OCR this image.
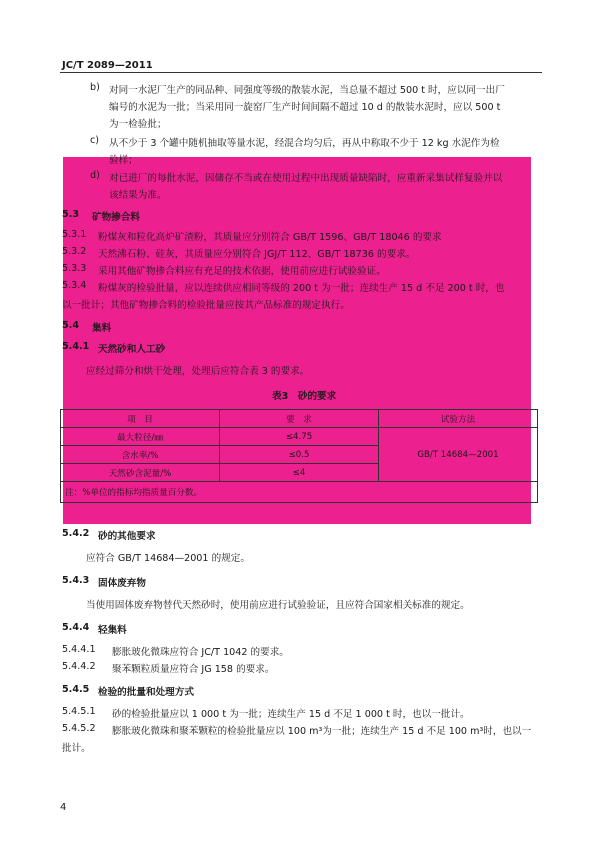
JC/T 2089—2011
b) 对同一水泥厂生产的同品种、同强度等级的散装水泥，当总量不超过 500 t 时，应以同一出厂
编号的水泥为一批；当采用同一旋窑厂生产时间间隔不超过 10 d 的散装水泥时，应以 500 t
为一检验批；
c) 从不少于 3 个罐中随机抽取等量水泥，经混合均匀后，再从中称取不少于 12 kg 水泥作为检
验样；
d) 对已进厂的每批水泥，因储存不当或在使用过程中出现质量缺陷时，应重新采集试样复验并以
该结果为准。
5.3 矿物掺合料
5.3.1 粉煤灰和粒化高炉矿渣粉，其质量应分别符合 GB/T 1596、GB/T 18046 的要求
5.3.2 天然沸石粉、硅灰，其质量应分别符合 JGJ/T 112、GB/T 18736 的要求。
5.3.3 采用其他矿物掺合料应有充足的技术依据，使用前应进行试验验证。
5.3.4 粉煤灰的检验批量，应以连续供应相同等级的 200 t 为一批；连续生产 15 d 不足 200 t 时，也
以一批计；其他矿物掺合料的检验批量应按其产品标准的规定执行。
5.4 集料
5.4.1 天然砂和人工砂
应经过筛分和烘干处理，处理后应符合表 3 的要求。
表3　砂的要求
项　目	要　求	试验方法
最大粒径/㎜	≤4.75	GB/T 14684—2001
含水率/%	≤0.5	
天然砂含泥量/%	≤4	
注：%单位的指标均指质量百分数。		
5.4.2 砂的其他要求
应符合 GB/T 14684—2001 的规定。
5.4.3 固体废弃物
当使用固体废弃物替代天然砂时，使用前应进行试验验证，且应符合国家相关标准的规定。
5.4.4 轻集料
5.4.4.1 膨胀玻化微珠应符合 JC/T 1042 的要求。
5.4.4.2 聚苯颗粒质量应符合 JG 158 的要求。
5.4.5 检验的批量和处理方式
5.4.5.1 砂的检验批量应以 1 000 t 为一批；连续生产 15 d 不足 1 000 t 时，也以一批计。
5.4.5.2 膨胀玻化微珠和聚苯颗粒的检验批量应以 100 m³为一批；连续生产 15 d 不足 100 m³时，也以一
批计。
4
